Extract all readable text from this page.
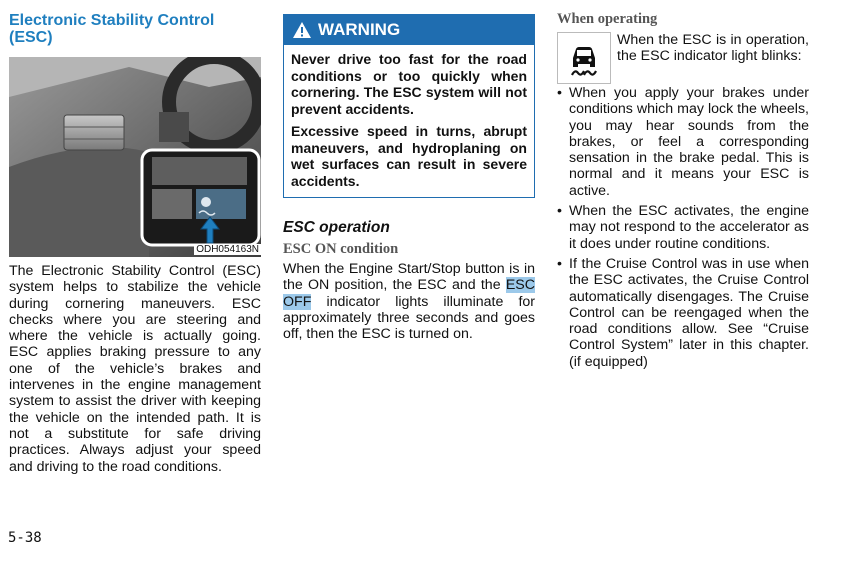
Electronic Stability Control
(ESC)
ODH054163N
The Electronic Stability Control (ESC) system helps to stabilize the vehicle during cornering maneuvers. ESC checks where you are steering and where the vehicle is actually going. ESC applies braking pressure to any one of the vehicle’s brakes and intervenes in the engine management system to assist the driver with keeping the vehicle on the intended path. It is not a substitute for safe driving practices. Always adjust your speed and driving to the road conditions.
WARNING

Never drive too fast for the road conditions or too quickly when cornering. The ESC system will not prevent accidents.

Excessive speed in turns, abrupt maneuvers, and hydroplaning on wet surfaces can result in severe accidents.

ESC operation
ESC ON condition
When the Engine Start/Stop button is in the ON position, the ESC and the ESC OFF indicator lights illuminate for approximately three seconds and goes off, then the ESC is turned on.
When operating
When the ESC is in operation, the ESC indicator light blinks:
• When you apply your brakes under conditions which may lock the wheels, you may hear sounds from the brakes, or feel a corresponding sensation in the brake pedal. This is normal and it means your ESC is active.
• When the ESC activates, the engine may not respond to the accelerator as it does under routine conditions.
• If the Cruise Control was in use when the ESC activates, the Cruise Control automatically disengages. The Cruise Control can be reengaged when the road conditions allow. See “Cruise Control System” later in this chapter. (if equipped)
5-38
